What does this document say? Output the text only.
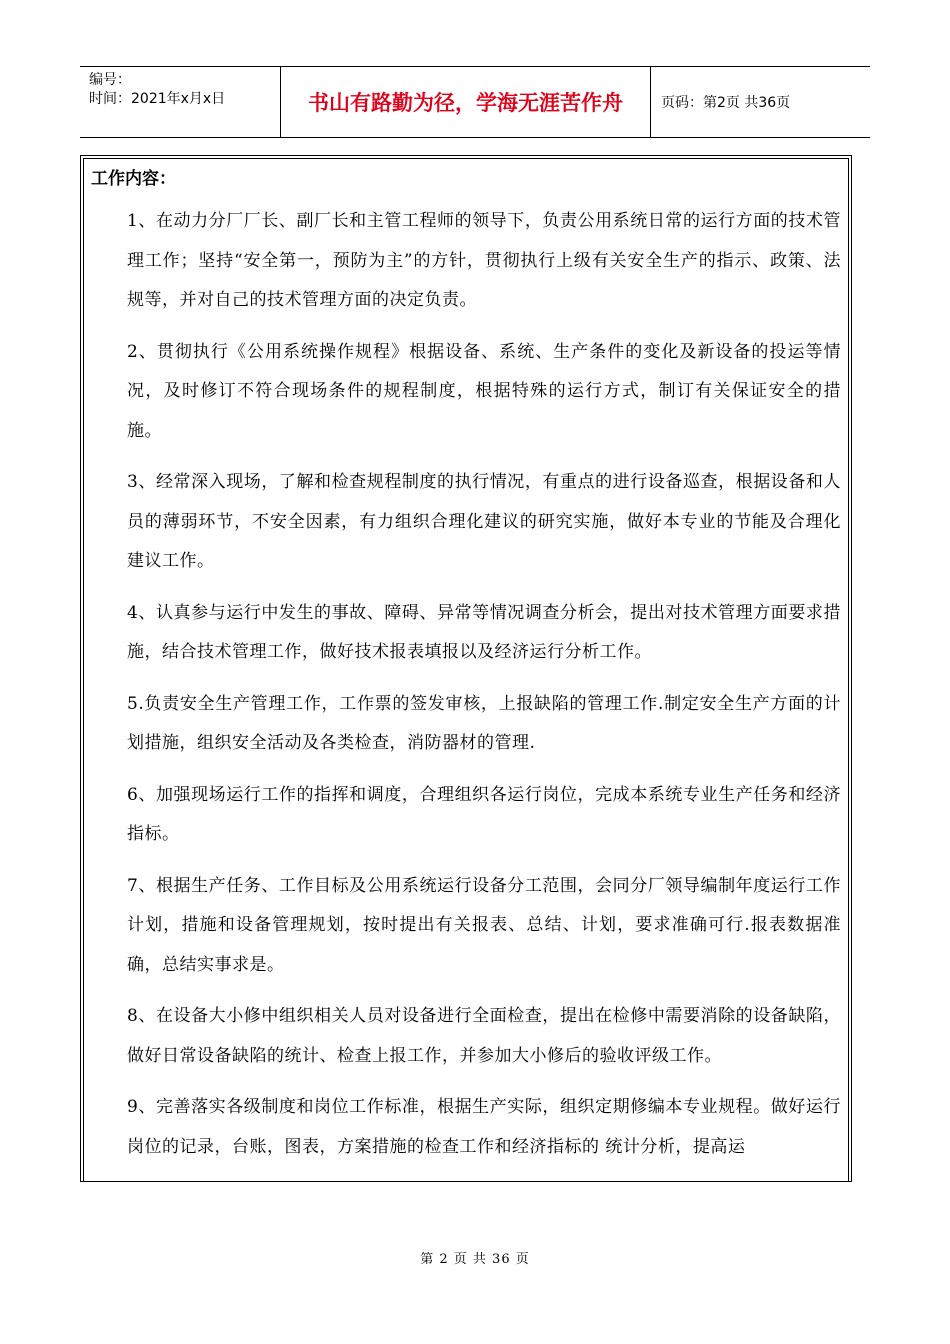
编号：
时间：2021年x月x日	书山有路勤为径，学海无涯苦作舟	页码：第2页 共36页
工作内容：

1、在动力分厂厂长、副厂长和主管工程师的领导下，负责公用系统日常的运行方面的技术管理工作；坚持“安全第一，预防为主”的方针，贯彻执行上级有关安全生产的指示、政策、法规等，并对自己的技术管理方面的决定负责。

2、贯彻执行《公用系统操作规程》根据设备、系统、生产条件的变化及新设备的投运等情况，及时修订不符合现场条件的规程制度，根据特殊的运行方式，制订有关保证安全的措施。

3、经常深入现场，了解和检查规程制度的执行情况，有重点的进行设备巡查，根据设备和人员的薄弱环节，不安全因素，有力组织合理化建议的研究实施，做好本专业的节能及合理化建议工作。

4、认真参与运行中发生的事故、障碍、异常等情况调查分析会，提出对技术管理方面要求措施，结合技术管理工作，做好技术报表填报以及经济运行分析工作。

5.负责安全生产管理工作，工作票的签发审核，上报缺陷的管理工作.制定安全生产方面的计划措施，组织安全活动及各类检查，消防器材的管理.

6、加强现场运行工作的指挥和调度，合理组织各运行岗位，完成本系统专业生产任务和经济指标。

7、根据生产任务、工作目标及公用系统运行设备分工范围，会同分厂领导编制年度运行工作计划，措施和设备管理规划，按时提出有关报表、总结、计划，要求准确可行.报表数据准确，总结实事求是。

8、在设备大小修中组织相关人员对设备进行全面检查，提出在检修中需要消除的设备缺陷，做好日常设备缺陷的统计、检查上报工作，并参加大小修后的验收评级工作。

9、完善落实各级制度和岗位工作标准，根据生产实际，组织定期修编本专业规程。做好运行岗位的记录，台账，图表，方案措施的检查工作和经济指标的 统计分析，提高运

第 2 页 共 36 页
